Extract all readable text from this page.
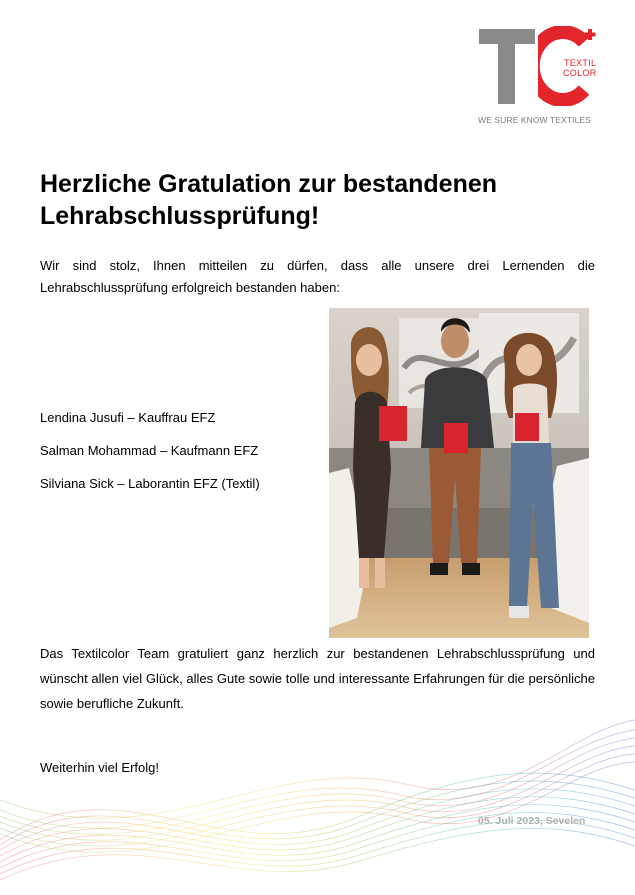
TEXTIL
COLOR
WE SURE KNOW TEXTILES
Herzliche Gratulation zur bestandenen
Lehrabschlussprüfung!
Wir sind stolz, Ihnen mitteilen zu dürfen, dass alle unsere drei Lernenden die Lehrabschlussprüfung erfolgreich bestanden haben:
Lendina Jusufi – Kauffrau EFZ
Salman Mohammad – Kaufmann EFZ
Silviana Sick – Laborantin EFZ (Textil)
Das Textilcolor Team gratuliert ganz herzlich zur bestandenen Lehrabschlussprüfung und wünscht allen viel Glück, alles Gute sowie tolle und interessante Erfahrungen für die persönliche sowie berufliche Zukunft.
Weiterhin viel Erfolg!
05. Juli 2023, Sevelen
